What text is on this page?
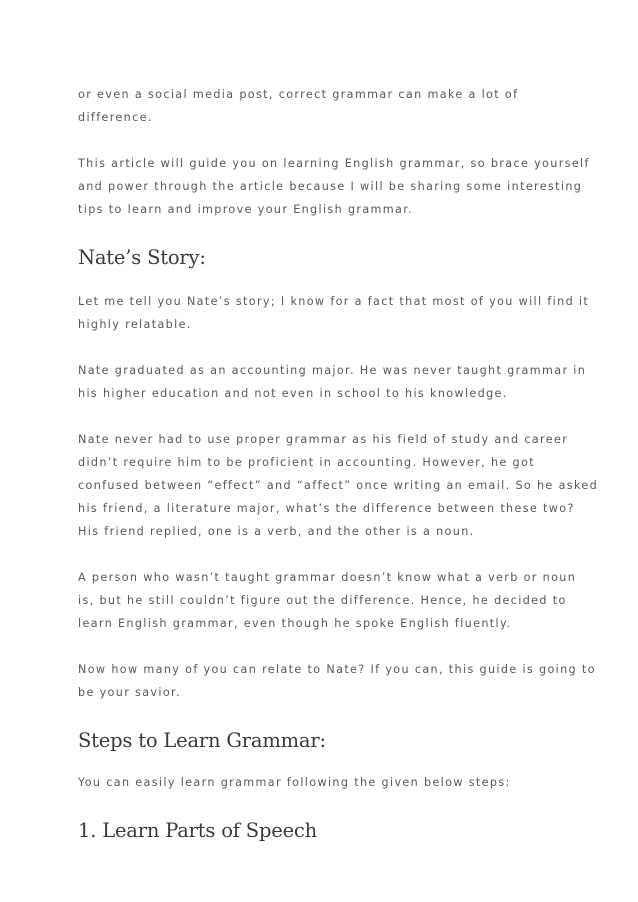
or even a social media post, correct grammar can make a lot of
difference.

This article will guide you on learning English grammar, so brace yourself
and power through the article because I will be sharing some interesting
tips to learn and improve your English grammar.

Nate’s Story:

Let me tell you Nate’s story; I know for a fact that most of you will find it
highly relatable.

Nate graduated as an accounting major. He was never taught grammar in
his higher education and not even in school to his knowledge.

Nate never had to use proper grammar as his field of study and career
didn’t require him to be proficient in accounting. However, he got
confused between “effect” and “affect” once writing an email. So he asked
his friend, a literature major, what’s the difference between these two?
His friend replied, one is a verb, and the other is a noun.

A person who wasn’t taught grammar doesn’t know what a verb or noun
is, but he still couldn’t figure out the difference. Hence, he decided to
learn English grammar, even though he spoke English fluently.

Now how many of you can relate to Nate? If you can, this guide is going to
be your savior.

Steps to Learn Grammar:

You can easily learn grammar following the given below steps:

1. Learn Parts of Speech
